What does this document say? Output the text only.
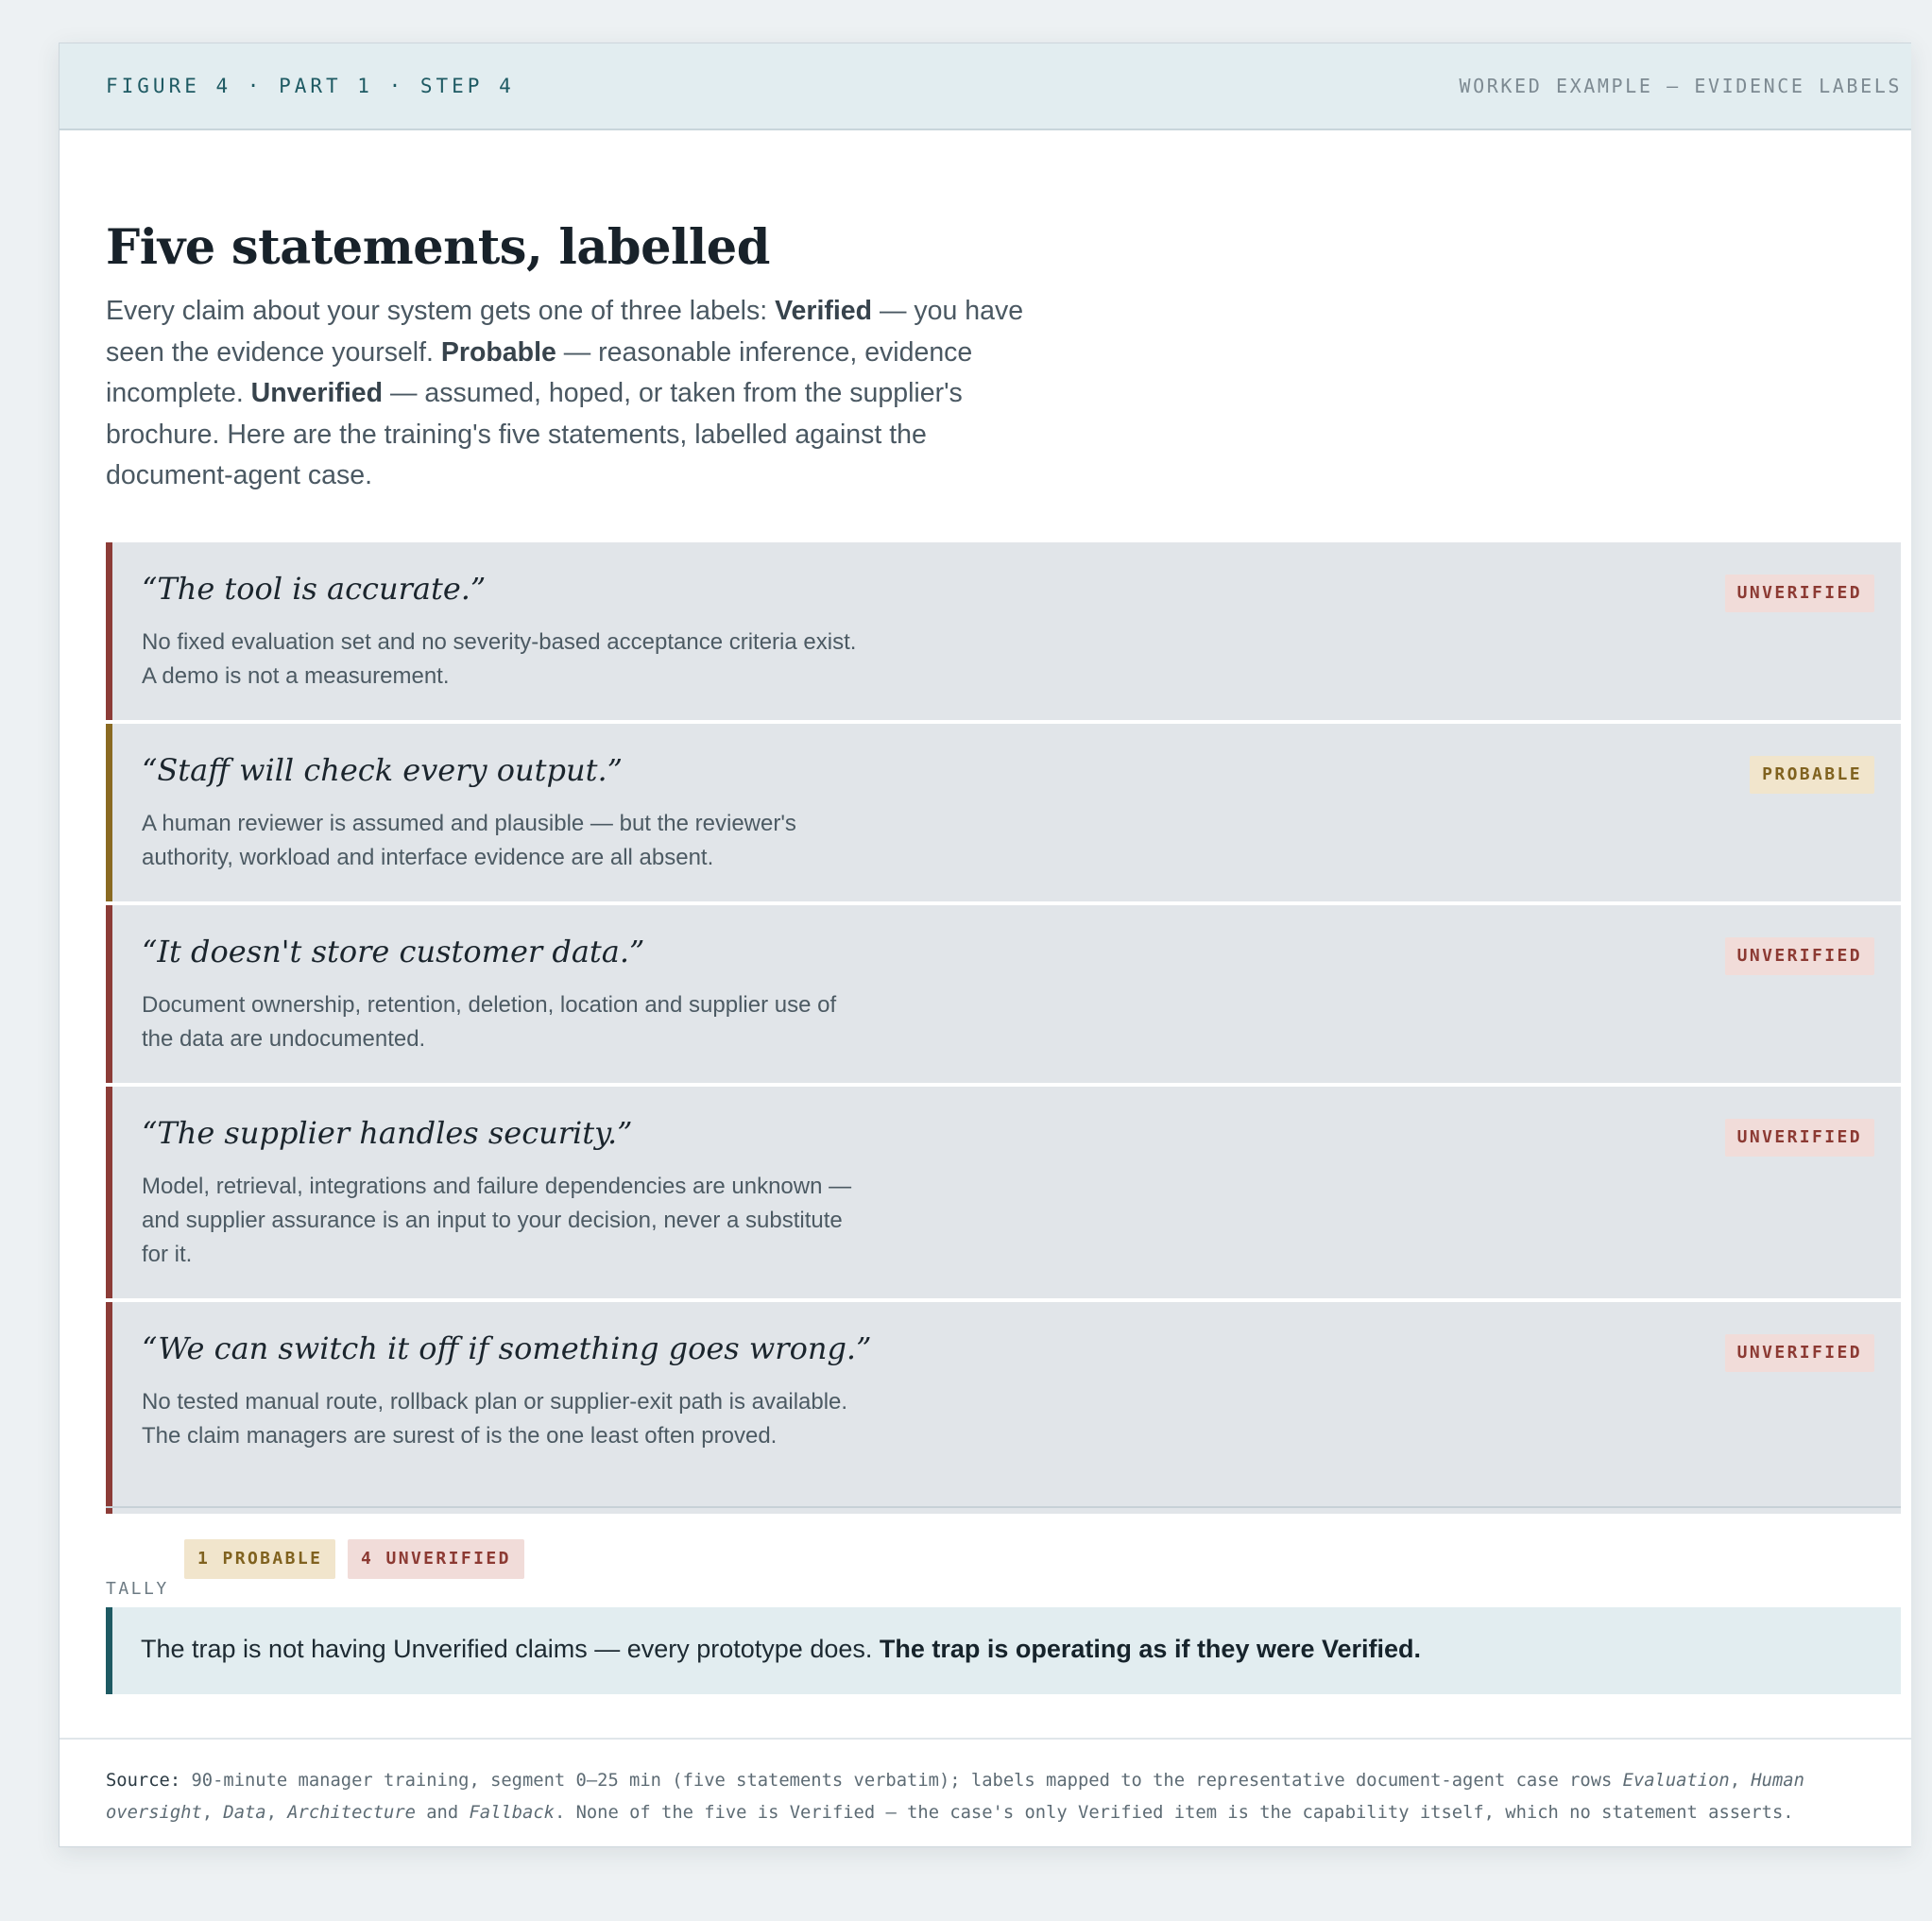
FIGURE 4 · PART 1 · STEP 4	WORKED EXAMPLE — EVIDENCE LABELS
Five statements, labelled

Every claim about your system gets one of three labels: Verified — you have seen the evidence yourself. Probable — reasonable inference, evidence incomplete. Unverified — assumed, hoped, or taken from the supplier's brochure. Here are the training's five statements, labelled against the document-agent case.

“The tool is accurate.”
No fixed evaluation set and no severity-based acceptance criteria exist. A demo is not a measurement.
UNVERIFIED
“Staff will check every output.”
A human reviewer is assumed and plausible — but the reviewer's authority, workload and interface evidence are all absent.
PROBABLE
“It doesn't store customer data.”
Document ownership, retention, deletion, location and supplier use of the data are undocumented.
UNVERIFIED
“The supplier handles security.”
Model, retrieval, integrations and failure dependencies are unknown — and supplier assurance is an input to your decision, never a substitute for it.
UNVERIFIED
“We can switch it off if something goes wrong.”
No tested manual route, rollback plan or supplier-exit path is available. The claim managers are surest of is the one least often proved.
UNVERIFIED
TALLY
1 PROBABLE	4 UNVERIFIED
The trap is not having Unverified claims — every prototype does. The trap is operating as if they were Verified.
Source: 90-minute manager training, segment 0–25 min (five statements verbatim); labels mapped to the representative document-agent case rows Evaluation, Human oversight, Data, Architecture and Fallback. None of the five is Verified — the case's only Verified item is the capability itself, which no statement asserts.
